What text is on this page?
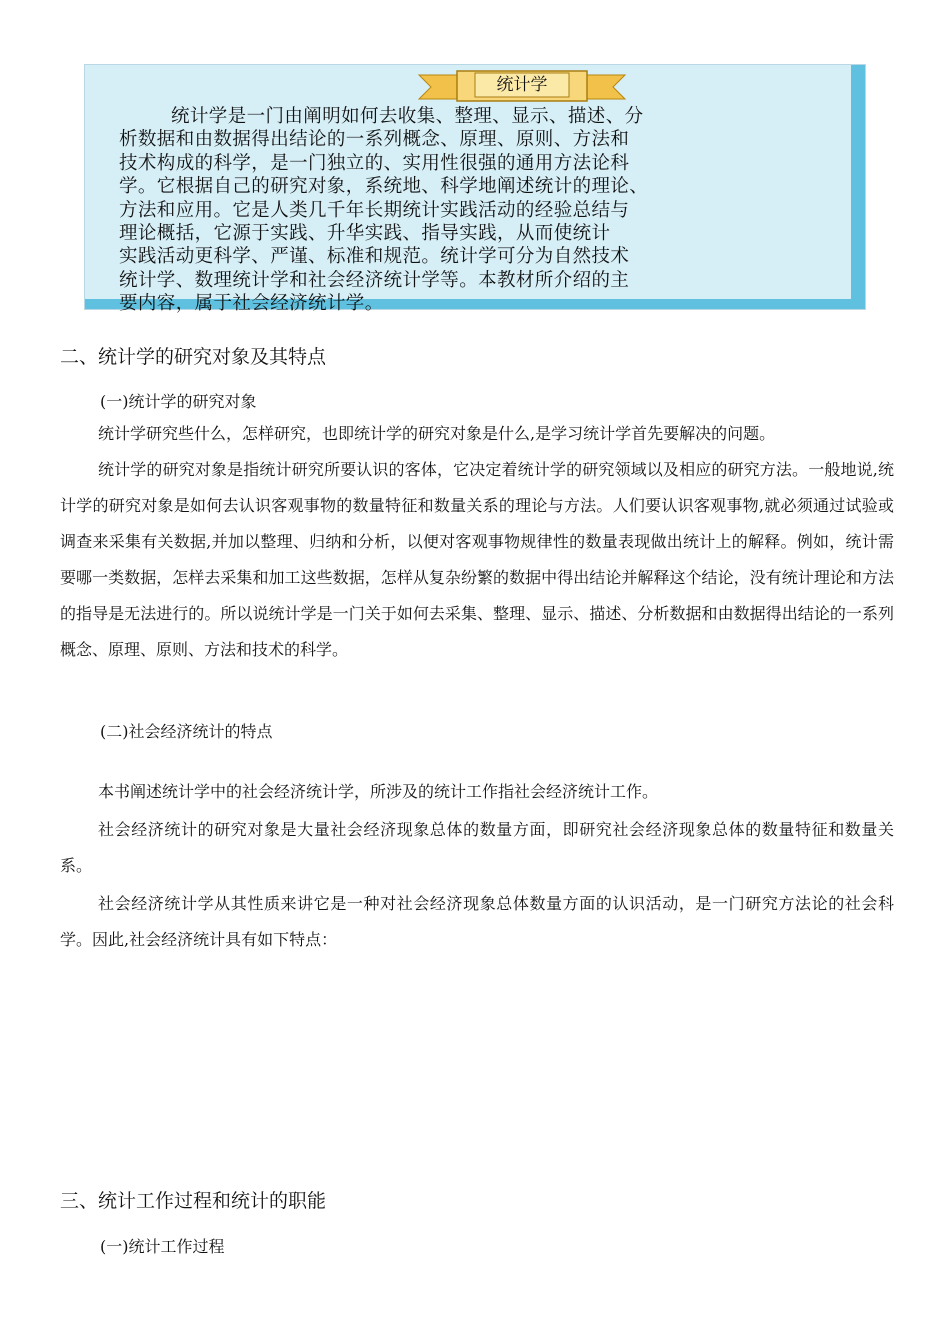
统计学
统计学是一门由阐明如何去收集、整理、显示、描述、分
析数据和由数据得出结论的一系列概念、原理、原则、方法和
技术构成的科学，是一门独立的、实用性很强的通用方法论科
学。它根据自己的研究对象，系统地、科学地阐述统计的理论、
方法和应用。它是人类几千年长期统计实践活动的经验总结与
理论概括，它源于实践、升华实践、指导实践，从而使统计
实践活动更科学、严谨、标准和规范。统计学可分为自然技术
统计学、数理统计学和社会经济统计学等。本教材所介绍的主
要内容，属于社会经济统计学。
二、统计学的研究对象及其特点
(一)统计学的研究对象
统计学研究些什么，怎样研究，也即统计学的研究对象是什么,是学习统计学首先要解决的问题。
统计学的研究对象是指统计研究所要认识的客体，它决定着统计学的研究领域以及相应的研究方法。一般地说,统计学的研究对象是如何去认识客观事物的数量特征和数量关系的理论与方法。人们要认识客观事物,就必须通过试验或调查来采集有关数据,并加以整理、归纳和分析，以便对客观事物规律性的数量表现做出统计上的解释。例如，统计需要哪一类数据，怎样去采集和加工这些数据，怎样从复杂纷繁的数据中得出结论并解释这个结论，没有统计理论和方法的指导是无法进行的。所以说统计学是一门关于如何去采集、整理、显示、描述、分析数据和由数据得出结论的一系列概念、原理、原则、方法和技术的科学。
(二)社会经济统计的特点
本书阐述统计学中的社会经济统计学，所涉及的统计工作指社会经济统计工作。
社会经济统计的研究对象是大量社会经济现象总体的数量方面，即研究社会经济现象总体的数量特征和数量关系。
社会经济统计学从其性质来讲它是一种对社会经济现象总体数量方面的认识活动，是一门研究方法论的社会科学。因此,社会经济统计具有如下特点：
三、统计工作过程和统计的职能
(一)统计工作过程
